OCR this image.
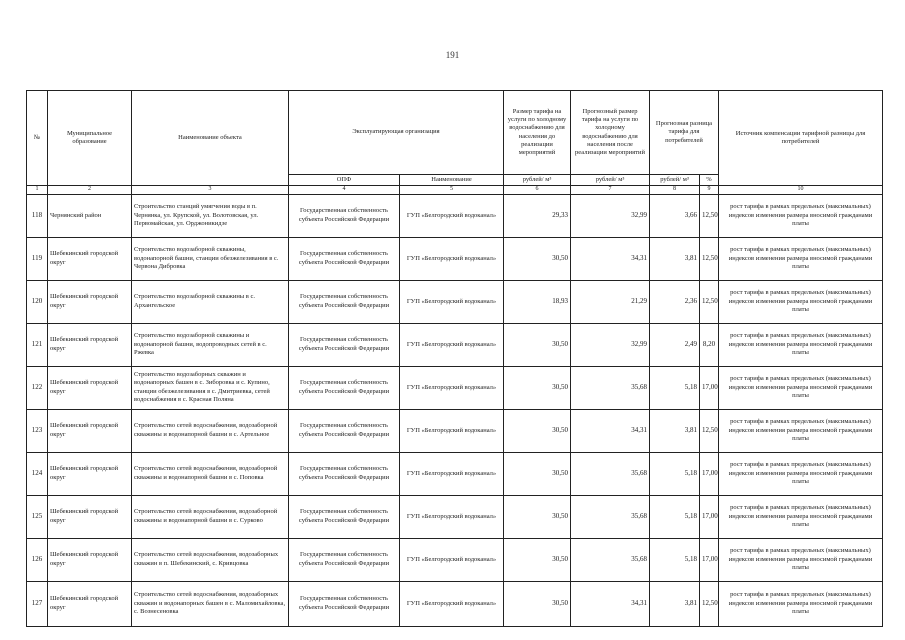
191
№	Муниципальное образование	Наименование объекта	Эксплуатирующая организация		Размер тарифа на услуги по холодному водоснабжению для населения до реализации мероприятий	Прогнозный размер тарифа на услуги по холодному водоснабжению для населения после реализации мероприятий	Прогнозная разница тарифа для потребителей		Источник компенсации тарифной разницы для потребителей
			ОПФ	Наименование	рублей/ м³	рублей/ м³	рублей/ м³	%	
1	2	3	4	5	6	7	8	9	10
118	Чернянский район	Строительство станций умягчения воды в п. Чернянка, ул. Крупской, ул. Волотовская, ул. Первомайская, ул. Орджоникидзе	Государственная собственность субъекта Российской Федерации	ГУП «Белгородский водоканал»	29,33	32,99	3,66	12,50	рост тарифа в рамках предельных (максимальных) индексов изменения размера вносимой гражданами платы
119	Шебекинский городской округ	Строительство водозаборной скважины, водонапорной башни, станции обезжелезивания в с. Червона Дибровка	Государственная собственность субъекта Российской Федерации	ГУП «Белгородский водоканал»	30,50	34,31	3,81	12,50	рост тарифа в рамках предельных (максимальных) индексов изменения размера вносимой гражданами платы
120	Шебекинский городской округ	Строительство водозаборной скважины в с. Архангельское	Государственная собственность субъекта Российской Федерации	ГУП «Белгородский водоканал»	18,93	21,29	2,36	12,50	рост тарифа в рамках предельных (максимальных) индексов изменения размера вносимой гражданами платы
121	Шебекинский городской округ	Строительство водозаборной скважины и водонапорной башни, водопроводных сетей в с. Ржевка	Государственная собственность субъекта Российской Федерации	ГУП «Белгородский водоканал»	30,50	32,99	2,49	8,20	рост тарифа в рамках предельных (максимальных) индексов изменения размера вносимой гражданами платы
122	Шебекинский городской округ	Строительство водозаборных скважин и водонапорных башен в с. Зиборовка и с. Купино, станции обезжелезивания в с. Дмитриевка, сетей водоснабжения в с. Красная Поляна	Государственная собственность субъекта Российской Федерации	ГУП «Белгородский водоканал»	30,50	35,68	5,18	17,00	рост тарифа в рамках предельных (максимальных) индексов изменения размера вносимой гражданами платы
123	Шебекинский городской округ	Строительство сетей водоснабжения, водозаборной скважины и водонапорной башни в с. Артельное	Государственная собственность субъекта Российской Федерации	ГУП «Белгородский водоканал»	30,50	34,31	3,81	12,50	рост тарифа в рамках предельных (максимальных) индексов изменения размера вносимой гражданами платы
124	Шебекинский городской округ	Строительство сетей водоснабжения, водозаборной скважины и водонапорной башни в с. Поповка	Государственная собственность субъекта Российской Федерации	ГУП «Белгородский водоканал»	30,50	35,68	5,18	17,00	рост тарифа в рамках предельных (максимальных) индексов изменения размера вносимой гражданами платы
125	Шебекинский городской округ	Строительство сетей водоснабжения, водозаборной скважины и водонапорной башни в с. Сурково	Государственная собственность субъекта Российской Федерации	ГУП «Белгородский водоканал»	30,50	35,68	5,18	17,00	рост тарифа в рамках предельных (максимальных) индексов изменения размера вносимой гражданами платы
126	Шебекинский городской округ	Строительство сетей водоснабжения, водозаборных скважин в п. Шебекинский, с. Кривцовка	Государственная собственность субъекта Российской Федерации	ГУП «Белгородский водоканал»	30,50	35,68	5,18	17,00	рост тарифа в рамках предельных (максимальных) индексов изменения размера вносимой гражданами платы
127	Шебекинский городской округ	Строительство сетей водоснабжения, водозаборных скважин и водонапорных башен в с. Маломихайловка, с. Вознесеновка	Государственная собственность субъекта Российской Федерации	ГУП «Белгородский водоканал»	30,50	34,31	3,81	12,50	рост тарифа в рамках предельных (максимальных) индексов изменения размера вносимой гражданами платы
